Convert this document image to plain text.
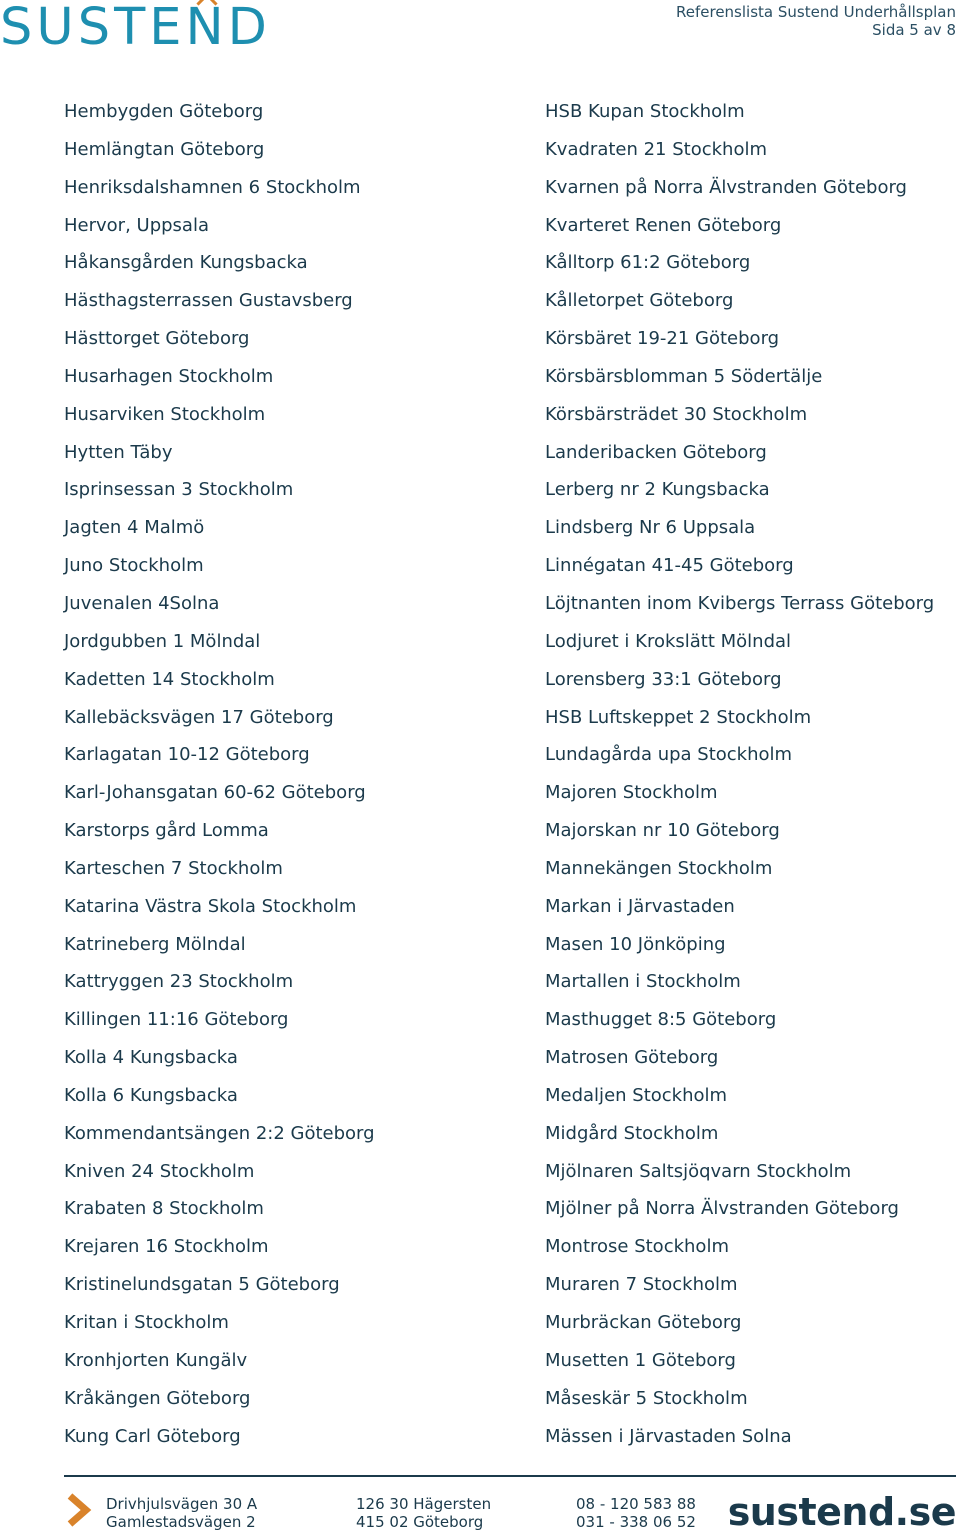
SUSTEND	Referenslista Sustend Underhållsplan
Sida 5 av 8
Hembygden Göteborg
Hemlängtan Göteborg
Henriksdalshamnen 6 Stockholm
Hervor, Uppsala
Håkansgården Kungsbacka
Hästhagsterrassen Gustavsberg
Hästtorget Göteborg
Husarhagen Stockholm
Husarviken Stockholm
Hytten Täby
Isprinsessan 3 Stockholm
Jagten 4 Malmö
Juno Stockholm
Juvenalen 4Solna
Jordgubben 1 Mölndal
Kadetten 14 Stockholm
Kallebäcksvägen 17 Göteborg
Karlagatan 10-12 Göteborg
Karl-Johansgatan 60-62 Göteborg
Karstorps gård Lomma
Karteschen 7 Stockholm
Katarina Västra Skola Stockholm
Katrineberg Mölndal
Kattryggen 23 Stockholm
Killingen 11:16 Göteborg
Kolla 4 Kungsbacka
Kolla 6 Kungsbacka
Kommendantsängen 2:2 Göteborg
Kniven 24 Stockholm
Krabaten 8 Stockholm
Krejaren 16 Stockholm
Kristinelundsgatan 5 Göteborg
Kritan i Stockholm
Kronhjorten Kungälv
Kråkängen Göteborg
Kung Carl Göteborg
HSB Kupan Stockholm
Kvadraten 21 Stockholm
Kvarnen på Norra Älvstranden Göteborg
Kvarteret Renen Göteborg
Kålltorp 61:2 Göteborg
Kålletorpet Göteborg
Körsbäret 19-21 Göteborg
Körsbärsblomman 5 Södertälje
Körsbärsträdet 30 Stockholm
Landeribacken Göteborg
Lerberg nr 2 Kungsbacka
Lindsberg Nr 6 Uppsala
Linnégatan 41-45 Göteborg
Löjtnanten inom Kvibergs Terrass Göteborg
Lodjuret i Krokslätt Mölndal
Lorensberg 33:1 Göteborg
HSB Luftskeppet 2 Stockholm
Lundagårda upa Stockholm
Majoren Stockholm
Majorskan nr 10 Göteborg
Mannekängen Stockholm
Markan i Järvastaden
Masen 10 Jönköping
Martallen i Stockholm
Masthugget 8:5 Göteborg
Matrosen Göteborg
Medaljen Stockholm
Midgård Stockholm
Mjölnaren Saltsjöqvarn Stockholm
Mjölner på Norra Älvstranden Göteborg
Montrose Stockholm
Muraren 7 Stockholm
Murbräckan Göteborg
Musetten 1 Göteborg
Måseskär 5 Stockholm
Mässen i Järvastaden Solna
Drivhjulsvägen 30 A
Gamlestadsvägen 2
126 30 Hägersten
415 02 Göteborg
08 - 120 583 88
031 - 338 06 52 sustend.se
